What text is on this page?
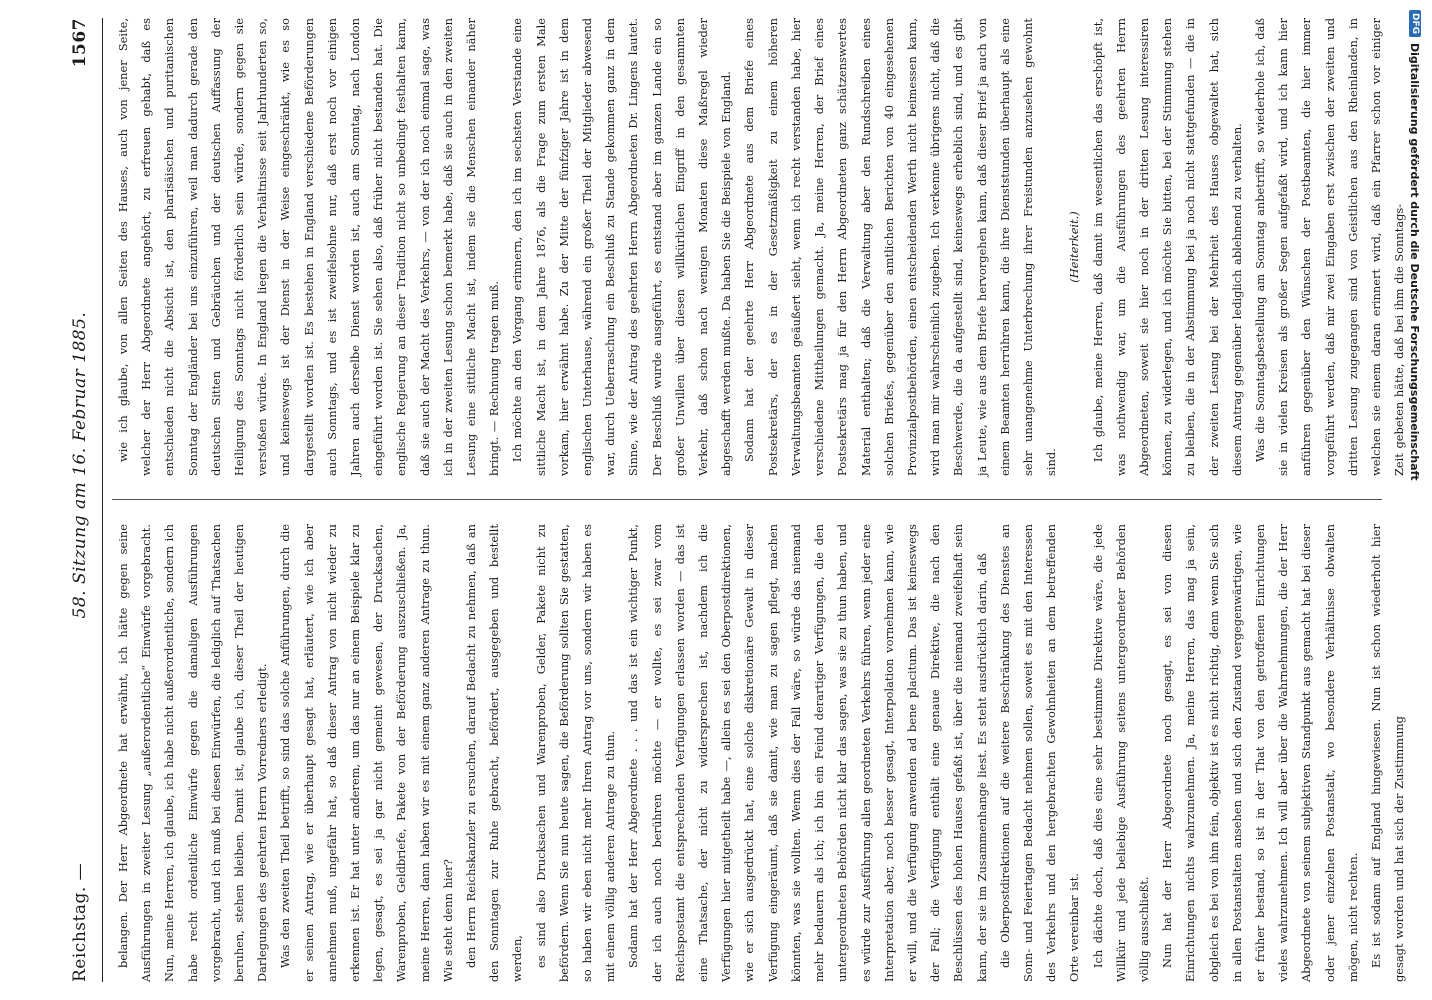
Reichstag. —
58. Sitzung am 16. Februar 1885.
1567

belangen. Der Herr Abgeordnete hat erwähnt, ich hätte gegen seine Ausführungen in zweiter Lesung „außerordentliche“ Einwürfe vorgebracht. Nun, meine Herren, ich glaube, ich habe nicht außerordentliche, sondern ich habe recht ordentliche Einwürfe gegen die damaligen Ausführungen vorgebracht, und ich muß bei diesen Einwürfen, die lediglich auf Thatsachen beruhen, stehen bleiben. Damit ist, glaube ich, dieser Theil der heutigen Darlegungen des geehrten Herrn Vorredners erledigt. Was den zweiten Theil betrifft, so sind das solche Anführungen, durch die er seinen Antrag, wie er überhaupt gesagt hat, erläutert, wie ich aber annehmen muß, ungefähr hat, so daß dieser Antrag von nicht wieder zu erkennen ist. Er hat unter anderem, um das nur an einem Beispiele klar zu legen, gesagt, es sei ja gar nicht gemeint gewesen, der Drucksachen, Warenproben, Geldbriefe, Pakete von der Beförderung auszuschließen. Ja, meine Herren, dann haben wir es mit einem ganz anderen Antrage zu thun. Wie steht denn hier? den Herrn Reichskanzler zu ersuchen, darauf Bedacht zu nehmen, daß an den Sonntagen zur Ruhe gebracht, befördert, ausgegeben und bestellt werden, es sind also Drucksachen und Warenproben, Gelder, Pakete nicht zu befördern. Wenn Sie nun heute sagen, die Beförderung sollten Sie gestatten, so haben wir eben nicht mehr Ihren Antrag vor uns, sondern wir haben es mit einem völlig anderen Antrage zu thun. Sodann hat der Herr Abgeordnete . . . und das ist ein wichtiger Punkt, der ich auch noch berühren möchte — er wollte, es sei zwar vom Reichspostamt die entsprechenden Verfügungen erlassen worden — das ist eine Thatsache, der nicht zu widersprechen ist, nachdem ich die Verfügungen hier mitgetheilt habe —, allein es sei den Oberpostdirektionen, wie er sich ausgedrückt hat, eine solche diskretionäre Gewalt in dieser Verfügung eingeräumt, daß sie damit, wie man zu sagen pflegt, machen könnten, was sie wollten. Wenn dies der Fall wäre, so würde das niemand mehr bedauern als ich; ich bin ein Feind derartiger Verfügungen, die den untergeordneten Behörden nicht klar das sagen, was sie zu thun haben, und es würde zur Ausführung allen geordneten Verkehrs führen, wenn jeder eine Interpretation aber, noch besser gesagt, Interpolation vornehmen kann, wie er will, und die Verfügung anwenden ad bene placitum. Das ist keineswegs der Fall; die Verfügung enthält eine genaue Direktive, die nach den Beschlüssen des hohen Hauses gefaßt ist, über die niemand zweifelhaft sein kann, der sie im Zusammenhange liest. Es steht ausdrücklich darin, daß die Oberpostdirektionen auf die weitere Beschränkung des Dienstes an Sonn- und Feiertagen Bedacht nehmen sollen, soweit es mit den Interessen des Verkehrs und den hergebrachten Gewohnheiten an dem betreffenden Orte vereinbar ist. Ich dächte doch, daß dies eine sehr bestimmte Direktive wäre, die jede Willkür und jede beliebige Ausführung seitens untergeordneter Behörden völlig ausschließt. Nun hat der Herr Abgeordnete noch gesagt, es sei von diesen Einrichtungen nichts wahrzunehmen. Ja, meine Herren, das mag ja sein, obgleich es bei von ihm fein, objektiv ist es nicht richtig, denn wenn Sie sich in allen Postanstalten ansehen und sich den Zustand vergegenwärtigen, wie er früher bestand, so ist in der That von den getroffenen Einrichtungen vieles wahrzunehmen. Ich will aber über die Wahrnehmungen, die der Herr Abgeordnete von seinem subjektiven Standpunkt aus gemacht hat bei dieser oder jener einzelnen Postanstalt, wo besondere Verhältnisse obwalten mögen, nicht rechten. Es ist sodann auf England hingewiesen. Nun ist schon wiederholt hier gesagt worden und hat sich der Zustimmung

wie ich glaube, von allen Seiten des Hauses, auch von jener Seite, welcher der Herr Abgeordnete angehört, zu erfreuen gehabt, daß es entschieden nicht die Absicht ist, den pharisäischen und puritanischen Sonntag der Engländer bei uns einzuführen, weil man dadurch gerade den deutschen Sitten und Gebräuchen und der deutschen Auffassung der Heiligung des Sonntags nicht förderlich sein würde, sondern gegen sie verstoßen würde. In England liegen die Verhältnisse seit Jahrhunderten so, und keineswegs ist der Dienst in der Weise eingeschränkt, wie es so dargestellt worden ist. Es bestehen in England verschiedene Beförderungen auch Sonntags, und es ist zweifelsohne nur, daß erst noch vor einigen Jahren auch derselbe Dienst worden ist, auch am Sonntag, nach London eingeführt worden ist. Sie sehen also, daß früher nicht bestanden hat. Die englische Regierung an dieser Tradition nicht so unbedingt festhalten kann, daß sie auch der Macht des Verkehrs, — von der ich noch einmal sage, was ich in der zweiten Lesung schon bemerkt habe, daß sie auch in den zweiten Lesung eine sittliche Macht ist, indem sie die Menschen einander näher bringt. — Rechnung tragen muß. Ich möchte an den Vorgang erinnern, den ich im sechsten Verstande eine sittliche Macht ist, in dem Jahre 1876, als die Frage zum ersten Male vorkam, hier erwähnt habe. Zu der Mitte der fünfziger Jahre ist in dem englischen Unterhause, während ein großer Theil der Mitglieder abwesend war, durch Ueberraschung ein Beschluß zu Stande gekommen ganz in dem Sinne, wie der Antrag des geehrten Herrn Abgeordneten Dr. Lingens lautet. Der Beschluß wurde ausgeführt, es entstand aber im ganzen Lande ein so großer Unwillen über diesen willkürlichen Eingriff in den gesammten Verkehr, daß schon nach wenigen Monaten diese Maßregel wieder abgeschafft werden mußte. Da haben Sie die Beispiele von England. Sodann hat der geehrte Herr Abgeordnete aus dem Briefe eines Postsekretärs, der es in der Gesetzmäßigkeit zu einem höheren Verwaltungsbeamten geäußert sieht, wenn ich recht verstanden habe, hier verschiedene Mittheilungen gemacht. Ja, meine Herren, der Brief eines Postsekretärs mag ja für den Herrn Abgeordneten ganz schätzenswertes Material enthalten; daß die Verwaltung aber den Rundschreiben eines solchen Briefes, gegenüber den amtlichen Berichten von 40 eingesehenen Provinzialpostbehörden, einen entscheidenden Werth nicht beimessen kann, wird man mir wahrscheinlich zugeben. Ich verkenne übrigens nicht, daß die Beschwerde, die da aufgestellt sind, keineswegs erheblich sind, und es gibt ja Leute, wie aus dem Briefe hervorgehen kann, daß dieser Brief ja auch von einem Beamten herrühren kann, die ihre Dienststunden überhaupt als eine sehr unangenehme Unterbrechung ihrer Freistunden anzusehen gewohnt sind.

(Heiterkeit.) Ich glaube, meine Herren, daß damit im wesentlichen das erschöpft ist, was nothwendig war, um die Ausführungen des geehrten Herrn Abgeordneten, soweit sie hier noch in der dritten Lesung interessiren können, zu widerlegen, und ich möchte Sie bitten, bei der Stimmung stehen zu bleiben, die in der Abstimmung bei ja noch nicht stattgefunden — die in der zweiten Lesung bei der Mehrheit des Hauses obgewaltet hat, sich diesem Antrag gegenüber lediglich ablehnend zu verhalten. Was die Sonntagsbestellung am Sonntag anbetrifft, so wiederhole ich, daß sie in vielen Kreisen als großer Segen aufgefaßt wird, und ich kann hier anführen gegenüber den Wünschen der Postbeamten, die hier immer vorgeführt werden, daß mir zwei Eingaben erst zwischen der zweiten und dritten Lesung zugegangen sind von Geistlichen aus den Rheinlanden, in welchen sie einem daran erinnert wird, daß ein Pfarrer schon vor einiger Zeit gebeten hätte, daß bei ihm die Sonntags-

DFG
Digitalisierung gefördert durch die Deutsche Forschungsgemeinschaft
